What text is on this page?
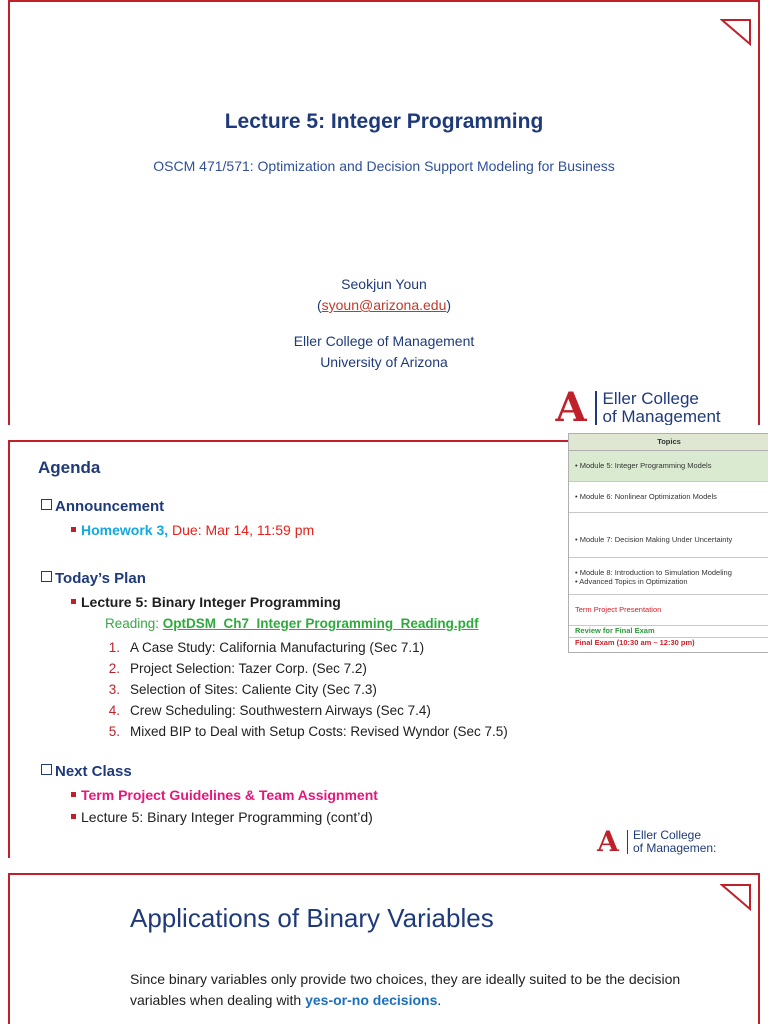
Lecture 5: Integer Programming
OSCM 471/571: Optimization and Decision Support Modeling for Business
Seokjun Youn
(syoun@arizona.edu)
Eller College of Management
University of Arizona
A Eller College
of Management
Agenda
Announcement
Homework 3, Due: Mar 14, 11:59 pm
Today’s Plan
Lecture 5: Binary Integer Programming
Reading: OptDSM_Ch7_Integer Programming_Reading.pdf
1. A Case Study: California Manufacturing (Sec 7.1)
2. Project Selection: Tazer Corp. (Sec 7.2)
3. Selection of Sites: Caliente City (Sec 7.3)
4. Crew Scheduling: Southwestern Airways (Sec 7.4)
5. Mixed BIP to Deal with Setup Costs: Revised Wyndor (Sec 7.5)
Next Class
Term Project Guidelines & Team Assignment
Lecture 5: Binary Integer Programming (cont’d)
A Eller College
of Managemen:
Topics
• Module 5: Integer Programming Models
• Module 6: Nonlinear Optimization Models
• Module 7: Decision Making Under Uncertainty
• Module 8: Introduction to Simulation Modeling
• Advanced Topics in Optimization
Term Project Presentation
Review for Final Exam
Final Exam (10:30 am – 12:30 pm)
Applications of Binary Variables
Since binary variables only provide two choices, they are ideally suited to be the decision variables when dealing with yes-or-no decisions.
